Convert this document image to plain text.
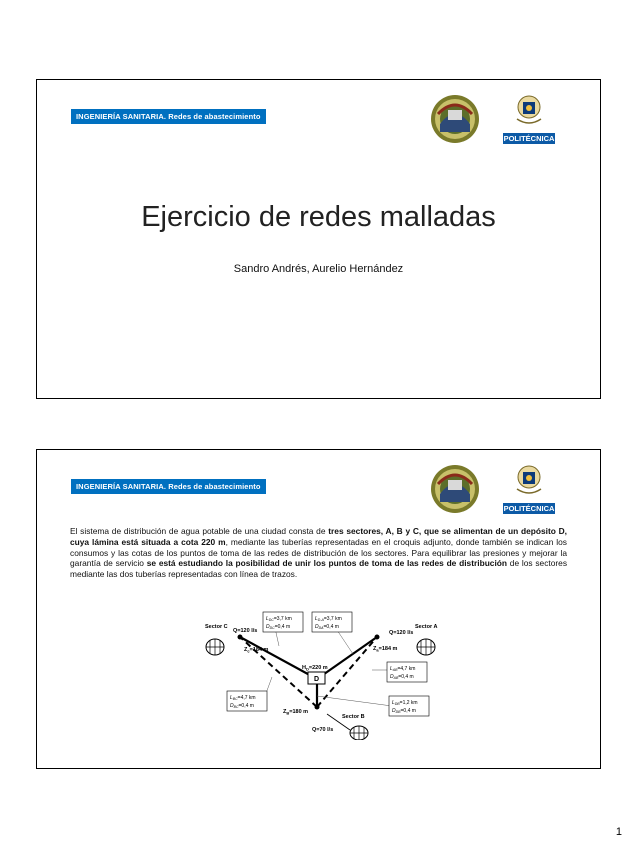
INGENIERÍA SANITARIA. Redes de abastecimiento
POLITÉCNICA
Ejercicio de redes malladas
Sandro Andrés, Aurelio Hernández
INGENIERÍA SANITARIA. Redes de abastecimiento
POLITÉCNICA
El sistema de distribución de agua potable de una ciudad consta de tres sectores, A, B y C, que se alimentan de un depósito D, cuya lámina está situada a cota 220 m, mediante las tuberías representadas en el croquis adjunto, donde también se indican los consumos y las cotas de los puntos de toma de las redes de distribución de los sectores. Para equilibrar las presiones y mejorar la garantía de servicio se está estudiando la posibilidad de unir los puntos de toma de las redes de distribución de los sectores mediante las dos tuberías representadas con línea de trazos.
D
Sector C	Sector A
Sector B
Q=120 l/s	Q=120 l/s
Q=70 l/s
$Z_c=184$ m	$Z_a=184$ m
$Z_B=180$ m
$H_D=220$ m
$L_{DC}=3,7$ km
$D_{DC}=0,4$ m
$L_{D-A}=3,7$ km
$D_{DA}=0,4$ m
$L_{AB}=4,7$ km
$D_{AB}=0,4$ m
$L_{DB}=1,2$ km
$D_{DB}=0,4$ m
$L_{BC}=4,7$ km
$D_{BC}=0,4$ m
1
